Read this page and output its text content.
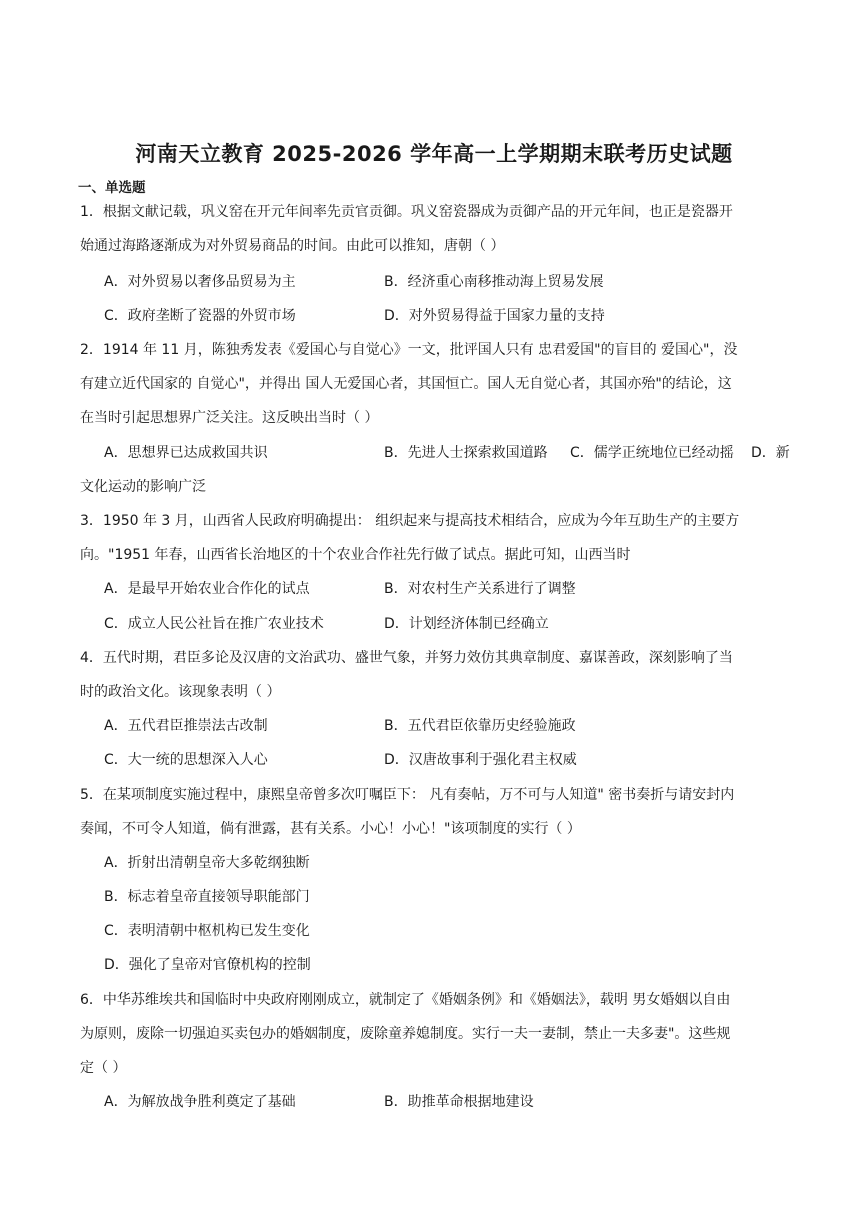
河南天立教育 2025-2026 学年高一上学期期末联考历史试题
一、单选题
1．根据文献记载，巩义窑在开元年间率先贡官贡御。巩义窑瓷器成为贡御产品的开元年间，也正是瓷器开
始通过海路逐渐成为对外贸易商品的时间。由此可以推知，唐朝（ ）
A．对外贸易以奢侈品贸易为主	B．经济重心南移推动海上贸易发展
C．政府垄断了瓷器的外贸市场	D．对外贸易得益于国家力量的支持
2．1914 年 11 月，陈独秀发表《爱国心与自觉心》一文，批评国人只有 忠君爱国"的盲目的 爱国心"，没
有建立近代国家的 自觉心"，并得出 国人无爱国心者，其国恒亡。国人无自觉心者，其国亦殆"的结论，这
在当时引起思想界广泛关注。这反映出当时（ ）
A．思想界已达成救国共识	B．先进人士探索救国道路 C．儒学正统地位已经动摇 D．新
文化运动的影响广泛
3．1950 年 3 月，山西省人民政府明确提出： 组织起来与提高技术相结合，应成为今年互助生产的主要方
向。"1951 年春，山西省长治地区的十个农业合作社先行做了试点。据此可知，山西当时
A．是最早开始农业合作化的试点	B．对农村生产关系进行了调整
C．成立人民公社旨在推广农业技术	D．计划经济体制已经确立
4．五代时期，君臣多论及汉唐的文治武功、盛世气象，并努力效仿其典章制度、嘉谋善政，深刻影响了当
时的政治文化。该现象表明（ ）
A．五代君臣推崇法古改制	B．五代君臣依靠历史经验施政
C．大一统的思想深入人心	D．汉唐故事利于强化君主权威
5．在某项制度实施过程中，康熙皇帝曾多次叮嘱臣下： 凡有奏帖，万不可与人知道" 密书奏折与请安封内
奏闻，不可令人知道，倘有泄露，甚有关系。小心！小心！"该项制度的实行（ ）
A．折射出清朝皇帝大多乾纲独断
B．标志着皇帝直接领导职能部门
C．表明清朝中枢机构已发生变化
D．强化了皇帝对官僚机构的控制
6．中华苏维埃共和国临时中央政府刚刚成立，就制定了《婚姻条例》和《婚姻法》，载明 男女婚姻以自由
为原则，废除一切强迫买卖包办的婚姻制度，废除童养媳制度。实行一夫一妻制，禁止一夫多妻"。这些规
定（ ）
A．为解放战争胜利奠定了基础	B．助推革命根据地建设
